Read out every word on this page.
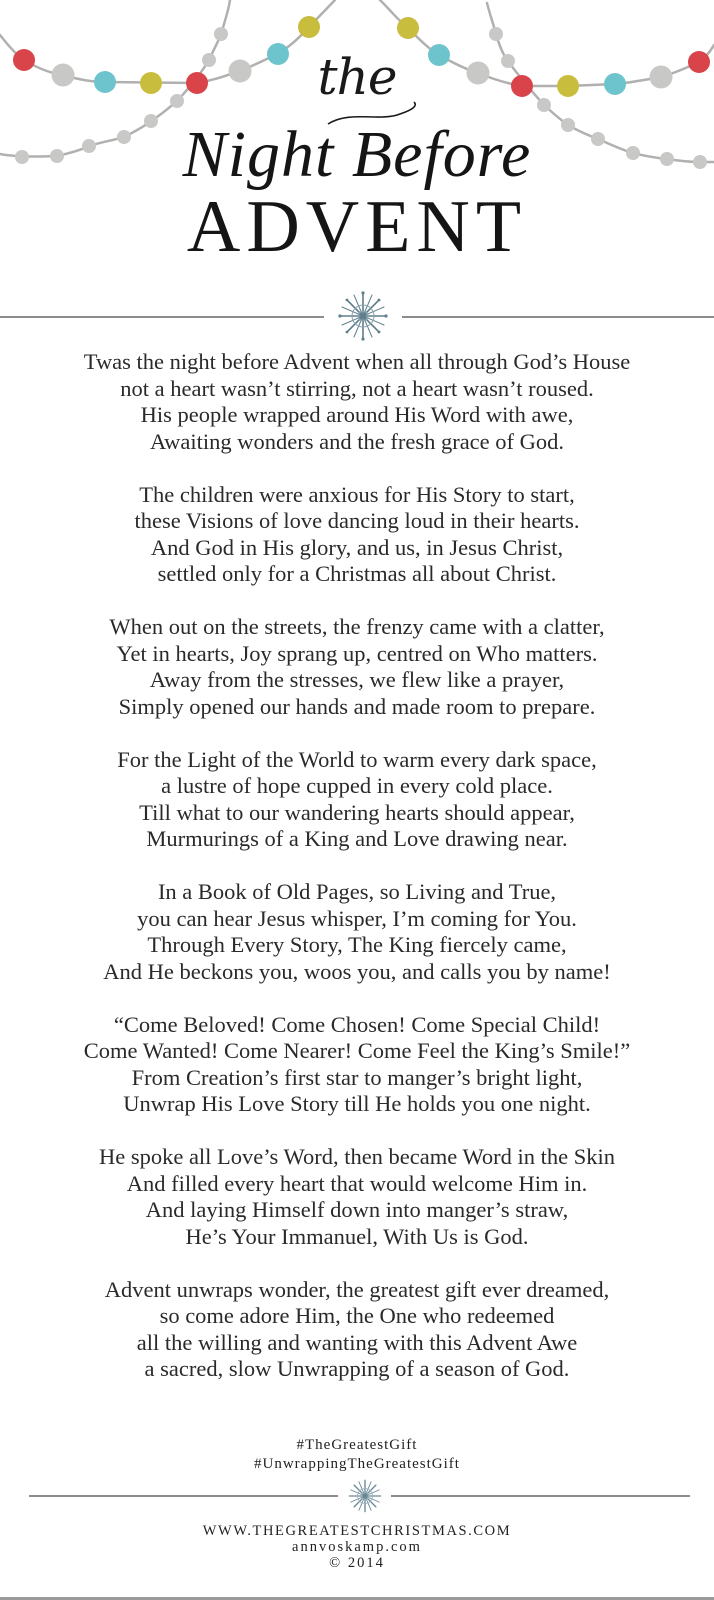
the
Night Before
ADVENT
Twas the night before Advent when all through God’s House
not a heart wasn’t stirring, not a heart wasn’t roused.
His people wrapped around His Word with awe,
Awaiting wonders and the fresh grace of God.
The children were anxious for His Story to start,
these Visions of love dancing loud in their hearts.
And God in His glory, and us, in Jesus Christ,
settled only for a Christmas all about Christ.
When out on the streets, the frenzy came with a clatter,
Yet in hearts, Joy sprang up, centred on Who matters.
Away from the stresses, we flew like a prayer,
Simply opened our hands and made room to prepare.
For the Light of the World to warm every dark space,
a lustre of hope cupped in every cold place.
Till what to our wandering hearts should appear,
Murmurings of a King and Love drawing near.
In a Book of Old Pages, so Living and True,
you can hear Jesus whisper, I’m coming for You.
Through Every Story, The King fiercely came,
And He beckons you, woos you, and calls you by name!
“Come Beloved! Come Chosen! Come Special Child!
Come Wanted! Come Nearer! Come Feel the King’s Smile!”
From Creation’s first star to manger’s bright light,
Unwrap His Love Story till He holds you one night.
He spoke all Love’s Word, then became Word in the Skin
And filled every heart that would welcome Him in.
And laying Himself down into manger’s straw,
He’s Your Immanuel, With Us is God.
Advent unwraps wonder, the greatest gift ever dreamed,
so come adore Him, the One who redeemed
all the willing and wanting with this Advent Awe
a sacred, slow Unwrapping of a season of God.
#TheGreatestGift
#UnwrappingTheGreatestGift
WWW.THEGREATESTCHRISTMAS.COM
annvoskamp.com
© 2014
